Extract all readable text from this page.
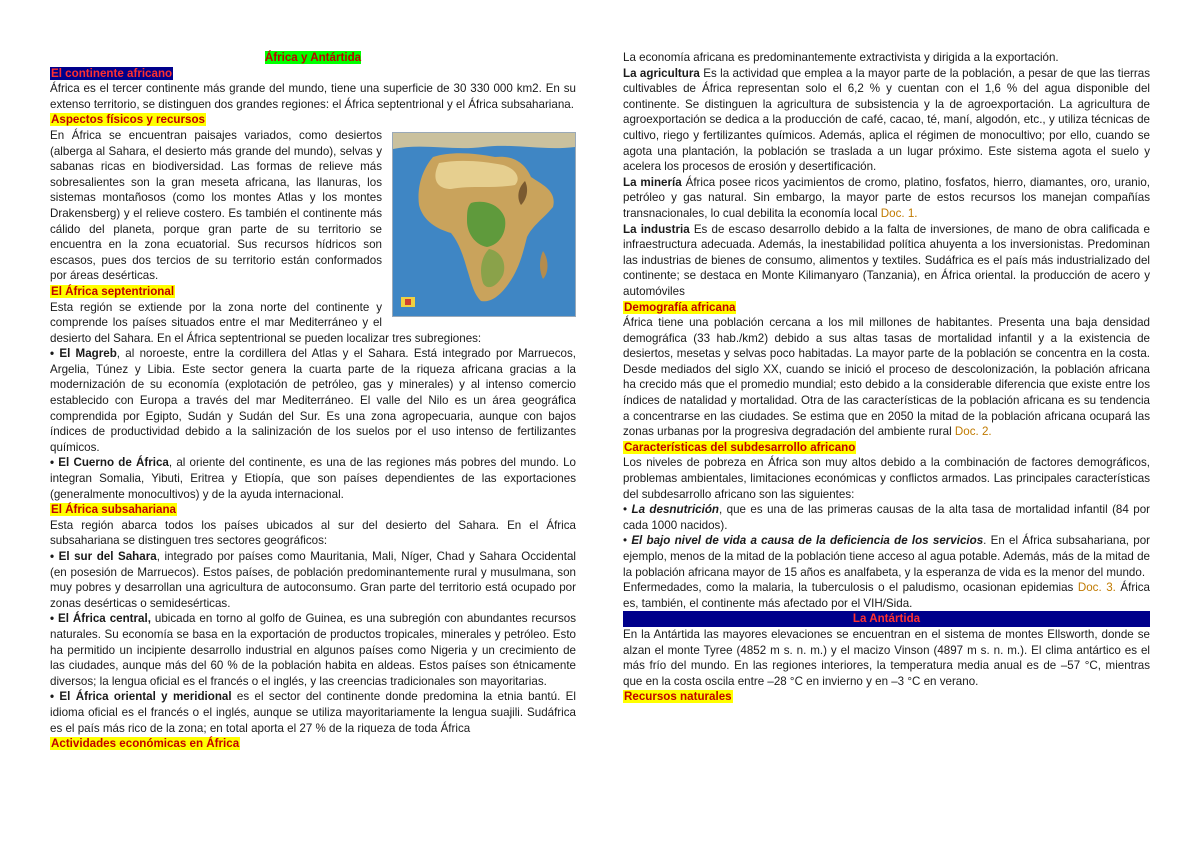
África y Antártida
El continente africano

África es el tercer continente más grande del mundo, tiene una superficie de 30 330 000 km2. En su extenso territorio, se distinguen dos grandes regiones: el África septentrional y el África subsahariana.

Aspectos físicos y recursos

En África se encuentran paisajes variados, como desiertos (alberga al Sahara, el desierto más grande del mundo), selvas y sabanas ricas en biodiversidad. Las formas de relieve más sobresalientes son la gran meseta africana, las llanuras, los sistemas montañosos (como los montes Atlas y los montes Drakensberg) y el relieve costero. Es también el continente más cálido del planeta, porque gran parte de su territorio se encuentra en la zona ecuatorial. Sus recursos hídricos son escasos, pues dos tercios de su territorio están conformados por áreas desérticas.

El África septentrional

Esta región se extiende por la zona norte del continente y comprende los países situados entre el mar Mediterráneo y el desierto del Sahara. En el África septentrional se pueden localizar tres subregiones:

• El Magreb, al noroeste, entre la cordillera del Atlas y el Sahara. Está integrado por Marruecos, Argelia, Túnez y Libia. Este sector genera la cuarta parte de la riqueza africana gracias a la modernización de su economía (explotación de petróleo, gas y minerales) y al intenso comercio establecido con Europa a través del mar Mediterráneo. El valle del Nilo es un área geográfica comprendida por Egipto, Sudán y Sudán del Sur. Es una zona agropecuaria, aunque con bajos índices de productividad debido a la salinización de los suelos por el uso intenso de fertilizantes químicos.

• El Cuerno de África, al oriente del continente, es una de las regiones más pobres del mundo. Lo integran Somalia, Yibuti, Eritrea y Etiopía, que son países dependientes de las exportaciones (generalmente monocultivos) y de la ayuda internacional.

El África subsahariana

Esta región abarca todos los países ubicados al sur del desierto del Sahara. En el África subsahariana se distinguen tres sectores geográficos:

• El sur del Sahara, integrado por países como Mauritania, Mali, Níger, Chad y Sahara Occidental (en posesión de Marruecos). Estos países, de población predominantemente rural y musulmana, son muy pobres y desarrollan una agricultura de autoconsumo. Gran parte del territorio está ocupado por zonas desérticas o semidesérticas.

• El África central, ubicada en torno al golfo de Guinea, es una subregión con abundantes recursos naturales. Su economía se basa en la exportación de productos tropicales, minerales y petróleo. Esto ha permitido un incipiente desarrollo industrial en algunos países como Nigeria y un crecimiento de las ciudades, aunque más del 60 % de la población habita en aldeas. Estos países son étnicamente diversos; la lengua oficial es el francés o el inglés, y las creencias tradicionales son mayoritarias.

• El África oriental y meridional es el sector del continente donde predomina la etnia bantú. El idioma oficial es el francés o el inglés, aunque se utiliza mayoritariamente la lengua suajili. Sudáfrica es el país más rico de la zona; en total aporta el 27 % de la riqueza de toda África

Actividades económicas en África

La economía africana es predominantemente extractivista y dirigida a la exportación.

La agricultura Es la actividad que emplea a la mayor parte de la población, a pesar de que las tierras cultivables de África representan solo el 6,2 % y cuentan con el 1,6 % del agua disponible del continente. Se distinguen la agricultura de subsistencia y la de agroexportación. La agricultura de agroexportación se dedica a la producción de café, cacao, té, maní, algodón, etc., y utiliza técnicas de cultivo, riego y fertilizantes químicos. Además, aplica el régimen de monocultivo; por ello, cuando se agota una plantación, la población se traslada a un lugar próximo. Este sistema agota el suelo y acelera los procesos de erosión y desertificación.

La minería África posee ricos yacimientos de cromo, platino, fosfatos, hierro, diamantes, oro, uranio, petróleo y gas natural. Sin embargo, la mayor parte de estos recursos los manejan compañías transnacionales, lo cual debilita la economía local Doc. 1.

La industria Es de escaso desarrollo debido a la falta de inversiones, de mano de obra calificada e infraestructura adecuada. Además, la inestabilidad política ahuyenta a los inversionistas. Predominan las industrias de bienes de consumo, alimentos y textiles. Sudáfrica es el país más industrializado del continente; se destaca en Monte Kilimanyaro (Tanzania), en África oriental. la producción de acero y automóviles

Demografía africana

África tiene una población cercana a los mil millones de habitantes. Presenta una baja densidad demográfica (33 hab./km2) debido a sus altas tasas de mortalidad infantil y a la existencia de desiertos, mesetas y selvas poco habitadas. La mayor parte de la población se concentra en la costa. Desde mediados del siglo XX, cuando se inició el proceso de descolonización, la población africana ha crecido más que el promedio mundial; esto debido a la considerable diferencia que existe entre los índices de natalidad y mortalidad. Otra de las características de la población africana es su tendencia a concentrarse en las ciudades. Se estima que en 2050 la mitad de la población africana ocupará las zonas urbanas por la progresiva degradación del ambiente rural Doc. 2.

Características del subdesarrollo africano

Los niveles de pobreza en África son muy altos debido a la combinación de factores demográficos, problemas ambientales, limitaciones económicas y conflictos armados. Las principales características del subdesarrollo africano son las siguientes:

• La desnutrición, que es una de las primeras causas de la alta tasa de mortalidad infantil (84 por cada 1000 nacidos).

• El bajo nivel de vida a causa de la deficiencia de los servicios. En el África subsahariana, por ejemplo, menos de la mitad de la población tiene acceso al agua potable. Además, más de la mitad de la población africana mayor de 15 años es analfabeta, y la esperanza de vida es la menor del mundo.

Enfermedades, como la malaria, la tuberculosis o el paludismo, ocasionan epidemias Doc. 3. África es, también, el continente más afectado por el VIH/Sida.

La Antártida

En la Antártida las mayores elevaciones se encuentran en el sistema de montes Ellsworth, donde se alzan el monte Tyree (4852 m s. n. m.) y el macizo Vinson (4897 m s. n. m.). El clima antártico es el más frío del mundo. En las regiones interiores, la temperatura media anual es de –57 °C, mientras que en la costa oscila entre –28 °C en invierno y en –3 °C en verano.

Recursos naturales
